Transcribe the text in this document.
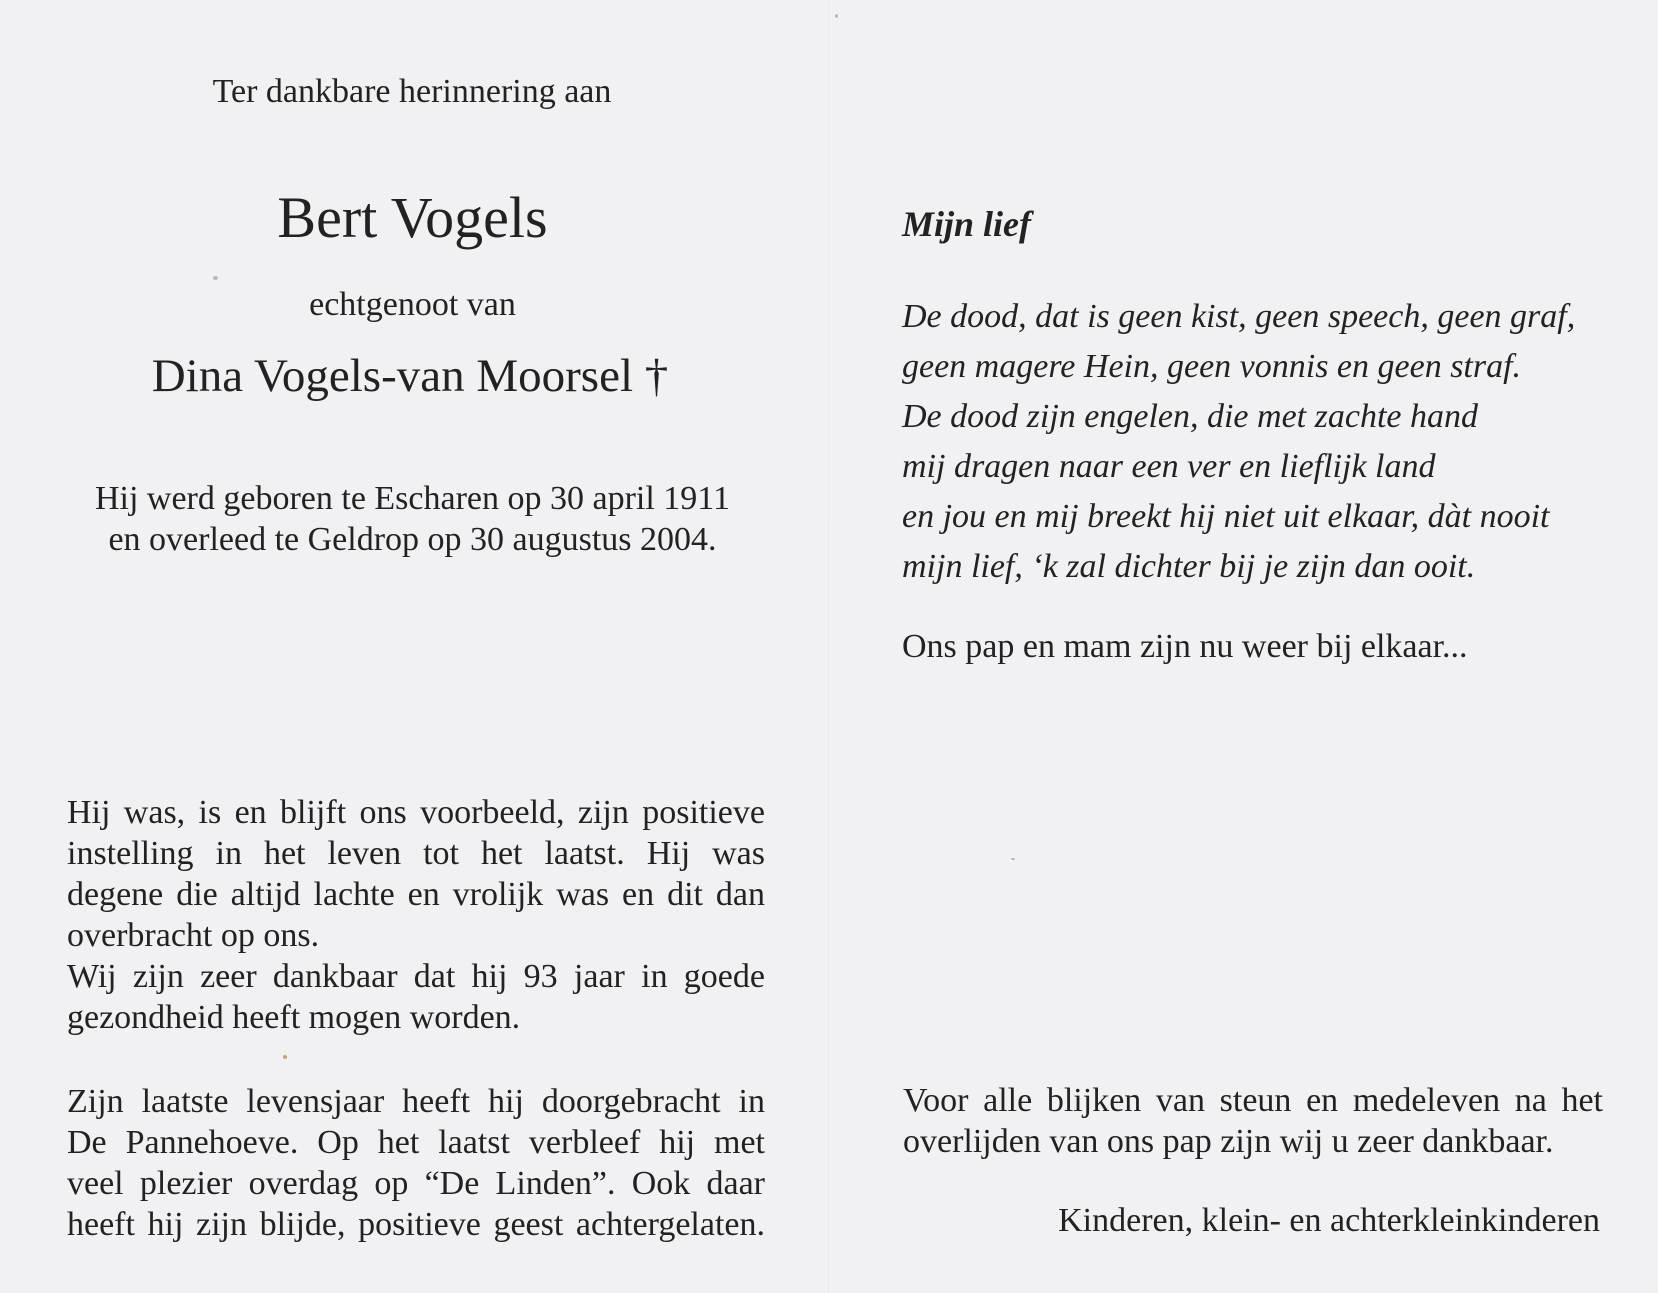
Ter dankbare herinnering aan
Bert Vogels
echtgenoot van
Dina Vogels-van Moorsel †
Hij werd geboren te Escharen op 30 april 1911
en overleed te Geldrop op 30 augustus 2004.
Hij was, is en blijft ons voorbeeld, zijn positieve
instelling in het leven tot het laatst. Hij was
degene die altijd lachte en vrolijk was en dit dan
overbracht op ons.
Wij zijn zeer dankbaar dat hij 93 jaar in goede
gezondheid heeft mogen worden.
Zijn laatste levensjaar heeft hij doorgebracht in
De Pannehoeve. Op het laatst verbleef hij met
veel plezier overdag op “De Linden”. Ook daar
heeft hij zijn blijde, positieve geest achtergelaten.
Mijn lief
De dood, dat is geen kist, geen speech, geen graf,
geen magere Hein, geen vonnis en geen straf.
De dood zijn engelen, die met zachte hand
mij dragen naar een ver en lieflijk land
en jou en mij breekt hij niet uit elkaar, dàt nooit
mijn lief, ‘k zal dichter bij je zijn dan ooit.
Ons pap en mam zijn nu weer bij elkaar...
Voor alle blijken van steun en medeleven na het
overlijden van ons pap zijn wij u zeer dankbaar.
Kinderen, klein- en achterkleinkinderen
